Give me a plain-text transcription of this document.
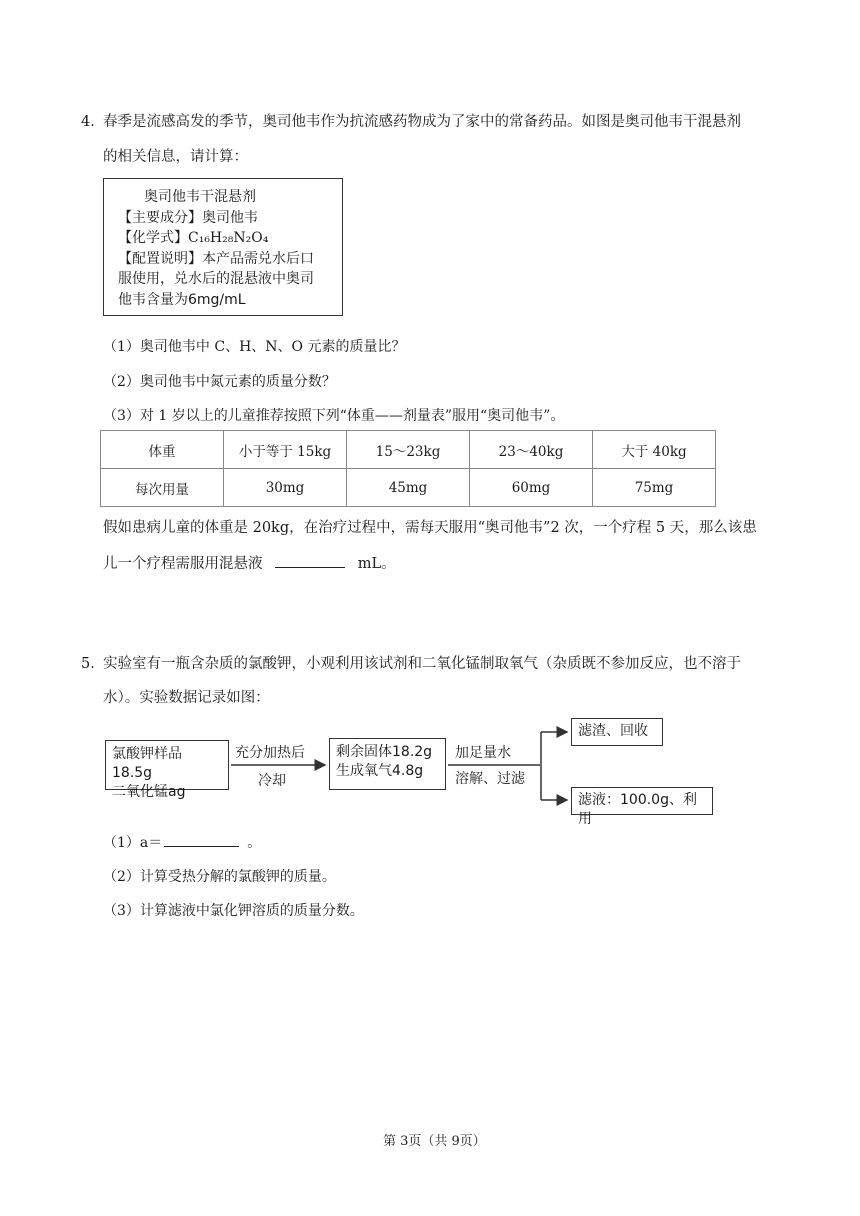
4．
春季是流感高发的季节，奥司他韦作为抗流感药物成为了家中的常备药品。如图是奥司他韦干混悬剂
的相关信息，请计算：
奥司他韦干混悬剂
【主要成分】奥司他韦
【化学式】C₁₆H₂₈N₂O₄
【配置说明】本产品需兑水后口
服使用，兑水后的混悬液中奥司
他韦含量为6mg/mL
（1）奥司他韦中 C、H、N、O 元素的质量比？
（2）奥司他韦中氮元素的质量分数？
（3）对 1 岁以上的儿童推荐按照下列“体重——剂量表”服用“奥司他韦”。
体重	小于等于 15kg	15～23kg	23～40kg	大于 40kg
每次用量	30mg	45mg	60mg	75mg
假如患病儿童的体重是 20kg，在治疗过程中，需每天服用“奥司他韦”2 次，一个疗程 5 天，那么该患
儿一个疗程需服用混悬液	mL。
5．
实验室有一瓶含杂质的氯酸钾，小观利用该试剂和二氧化锰制取氧气（杂质既不参加反应，也不溶于
水）。实验数据记录如图：
氯酸钾样品18.5g
二氧化锰ag
充分加热后
冷却
剩余固体18.2g
生成氧气4.8g
加足量水
溶解、过滤
滤渣、回收
滤液：100.0g、利用
（1）a＝	。
（2）计算受热分解的氯酸钾的质量。
（3）计算滤液中氯化钾溶质的质量分数。
第 3页（共 9页）
